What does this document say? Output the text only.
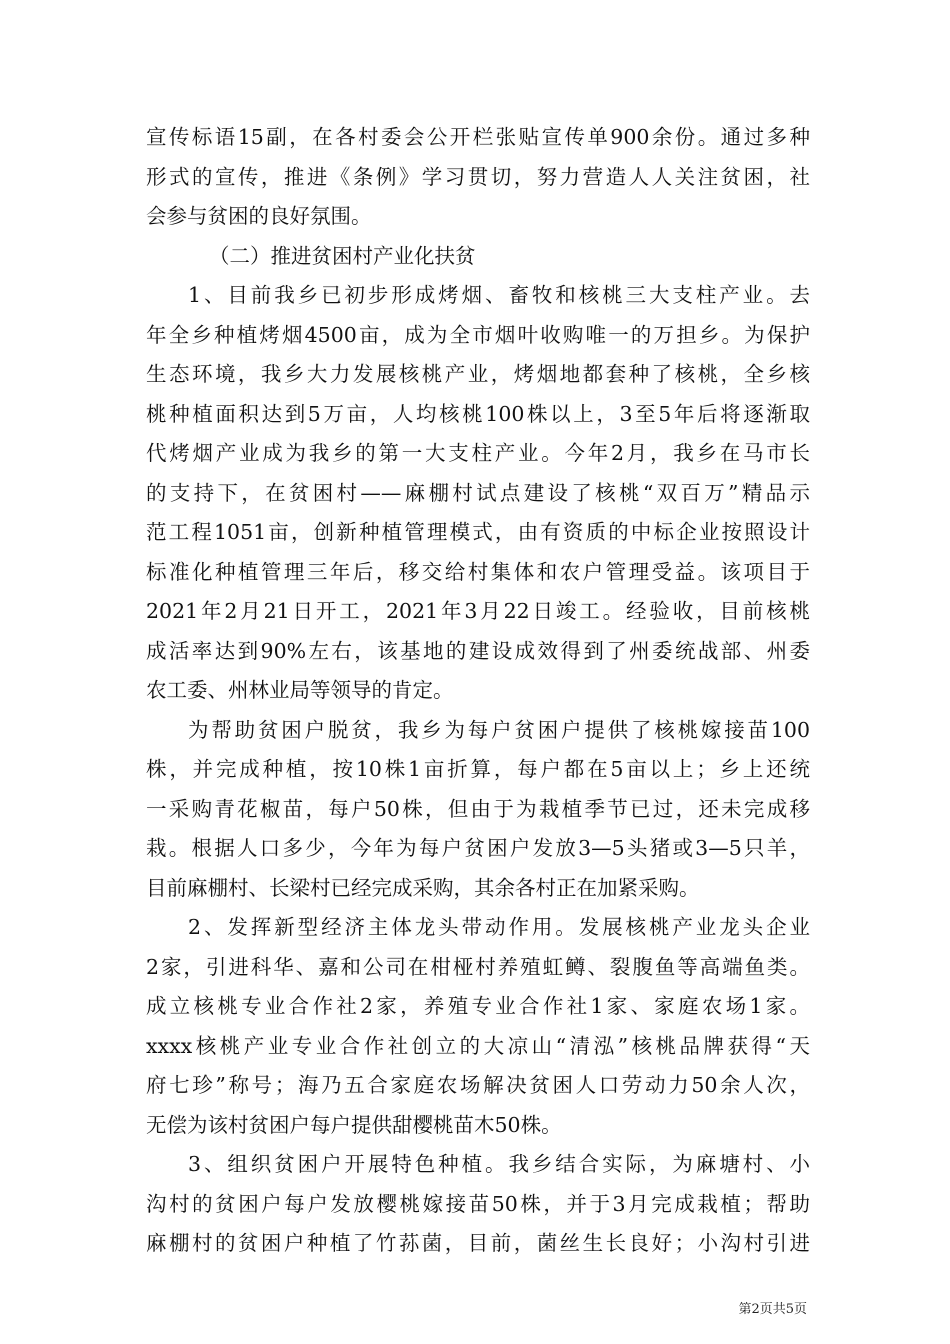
宣传标语15副，在各村委会公开栏张贴宣传单900余份。通过多种
形式的宣传，推进《条例》学习贯切，努力营造人人关注贫困，社
会参与贫困的良好氛围。
（二）推进贫困村产业化扶贫
1、目前我乡已初步形成烤烟、畜牧和核桃三大支柱产业。去
年全乡种植烤烟4500亩，成为全市烟叶收购唯一的万担乡。为保护
生态环境，我乡大力发展核桃产业，烤烟地都套种了核桃，全乡核
桃种植面积达到5万亩，人均核桃100株以上，3至5年后将逐渐取
代烤烟产业成为我乡的第一大支柱产业。今年2月，我乡在马市长
的支持下，在贫困村——麻棚村试点建设了核桃“双百万”精品示
范工程1051亩，创新种植管理模式，由有资质的中标企业按照设计
标准化种植管理三年后，移交给村集体和农户管理受益。该项目于
2021年2月21日开工，2021年3月22日竣工。经验收，目前核桃
成活率达到90%左右，该基地的建设成效得到了州委统战部、州委
农工委、州林业局等领导的肯定。
为帮助贫困户脱贫，我乡为每户贫困户提供了核桃嫁接苗100
株，并完成种植，按10株1亩折算，每户都在5亩以上；乡上还统
一采购青花椒苗，每户50株，但由于为栽植季节已过，还未完成移
栽。根据人口多少，今年为每户贫困户发放3—5头猪或3—5只羊，
目前麻棚村、长梁村已经完成采购，其余各村正在加紧采购。
2、发挥新型经济主体龙头带动作用。发展核桃产业龙头企业
2家，引进科华、嘉和公司在柑桠村养殖虹鳟、裂腹鱼等高端鱼类。
成立核桃专业合作社2家，养殖专业合作社1家、家庭农场1家。
xxxx核桃产业专业合作社创立的大凉山“清泓”核桃品牌获得“天
府七珍”称号；海乃五合家庭农场解决贫困人口劳动力50余人次，
无偿为该村贫困户每户提供甜樱桃苗木50株。
3、组织贫困户开展特色种植。我乡结合实际，为麻塘村、小
沟村的贫困户每户发放樱桃嫁接苗50株，并于3月完成栽植；帮助
麻棚村的贫困户种植了竹荪菌，目前，菌丝生长良好；小沟村引进
第2页共5页
